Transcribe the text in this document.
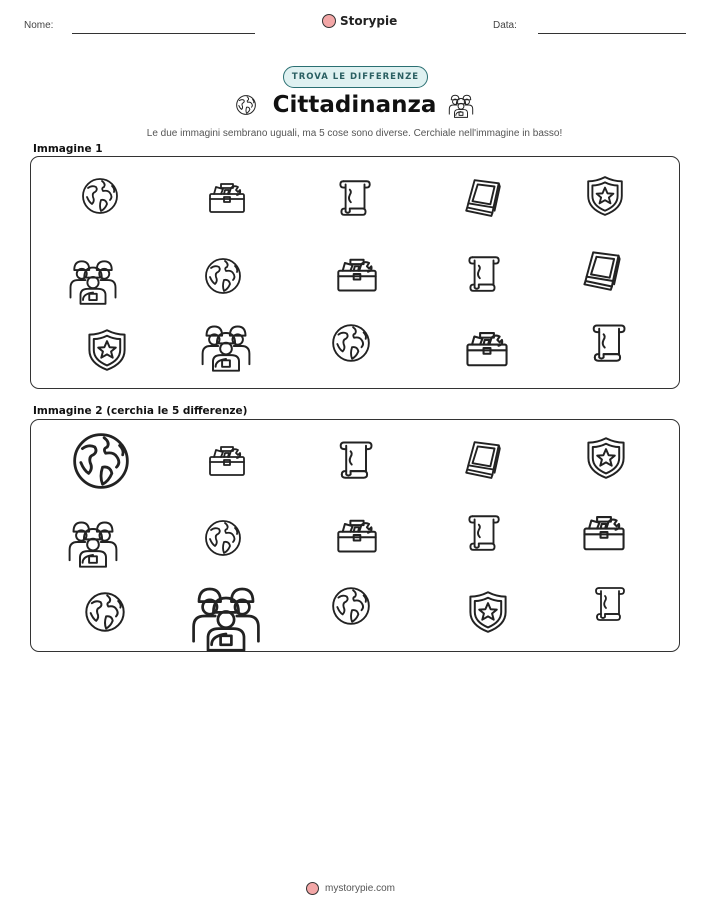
Nome:	Storypie	Data:
TROVA LE DIFFERENZE
Cittadinanza
Le due immagini sembrano uguali, ma 5 cose sono diverse. Cerchiale nell'immagine in basso!
Immagine 1
Immagine 2 (cerchia le 5 differenze)
mystorypie.com
